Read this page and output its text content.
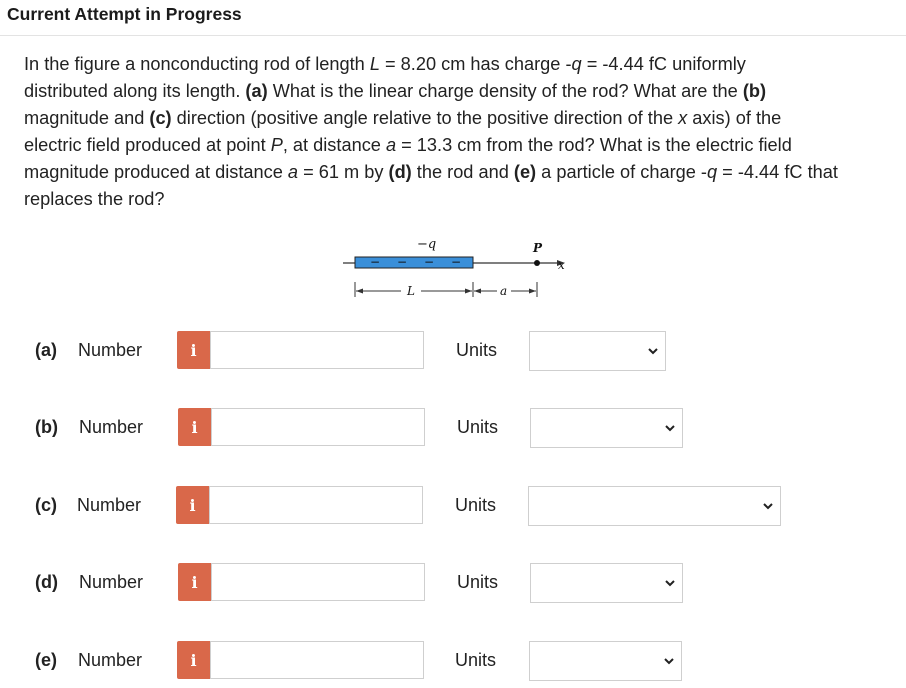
Current Attempt in Progress

In the figure a nonconducting rod of length L = 8.20 cm has charge -q = -4.44 fC uniformly

distributed along its length. (a) What is the linear charge density of the rod? What are the (b)

magnitude and (c) direction (positive angle relative to the positive direction of the x axis) of the

electric field produced at point P, at distance a = 13.3 cm from the rod? What is the electric field

magnitude produced at distance a = 61 m by (d) the rod and (e) a particle of charge -q = -4.44 fC that

replaces the rod?

− − − −
−q	P
x
L	a
(a) Number	i	Units
(b) Number	i	Units
(c) Number	i	Units
(d) Number	i	Units
(e) Number	i	Units
